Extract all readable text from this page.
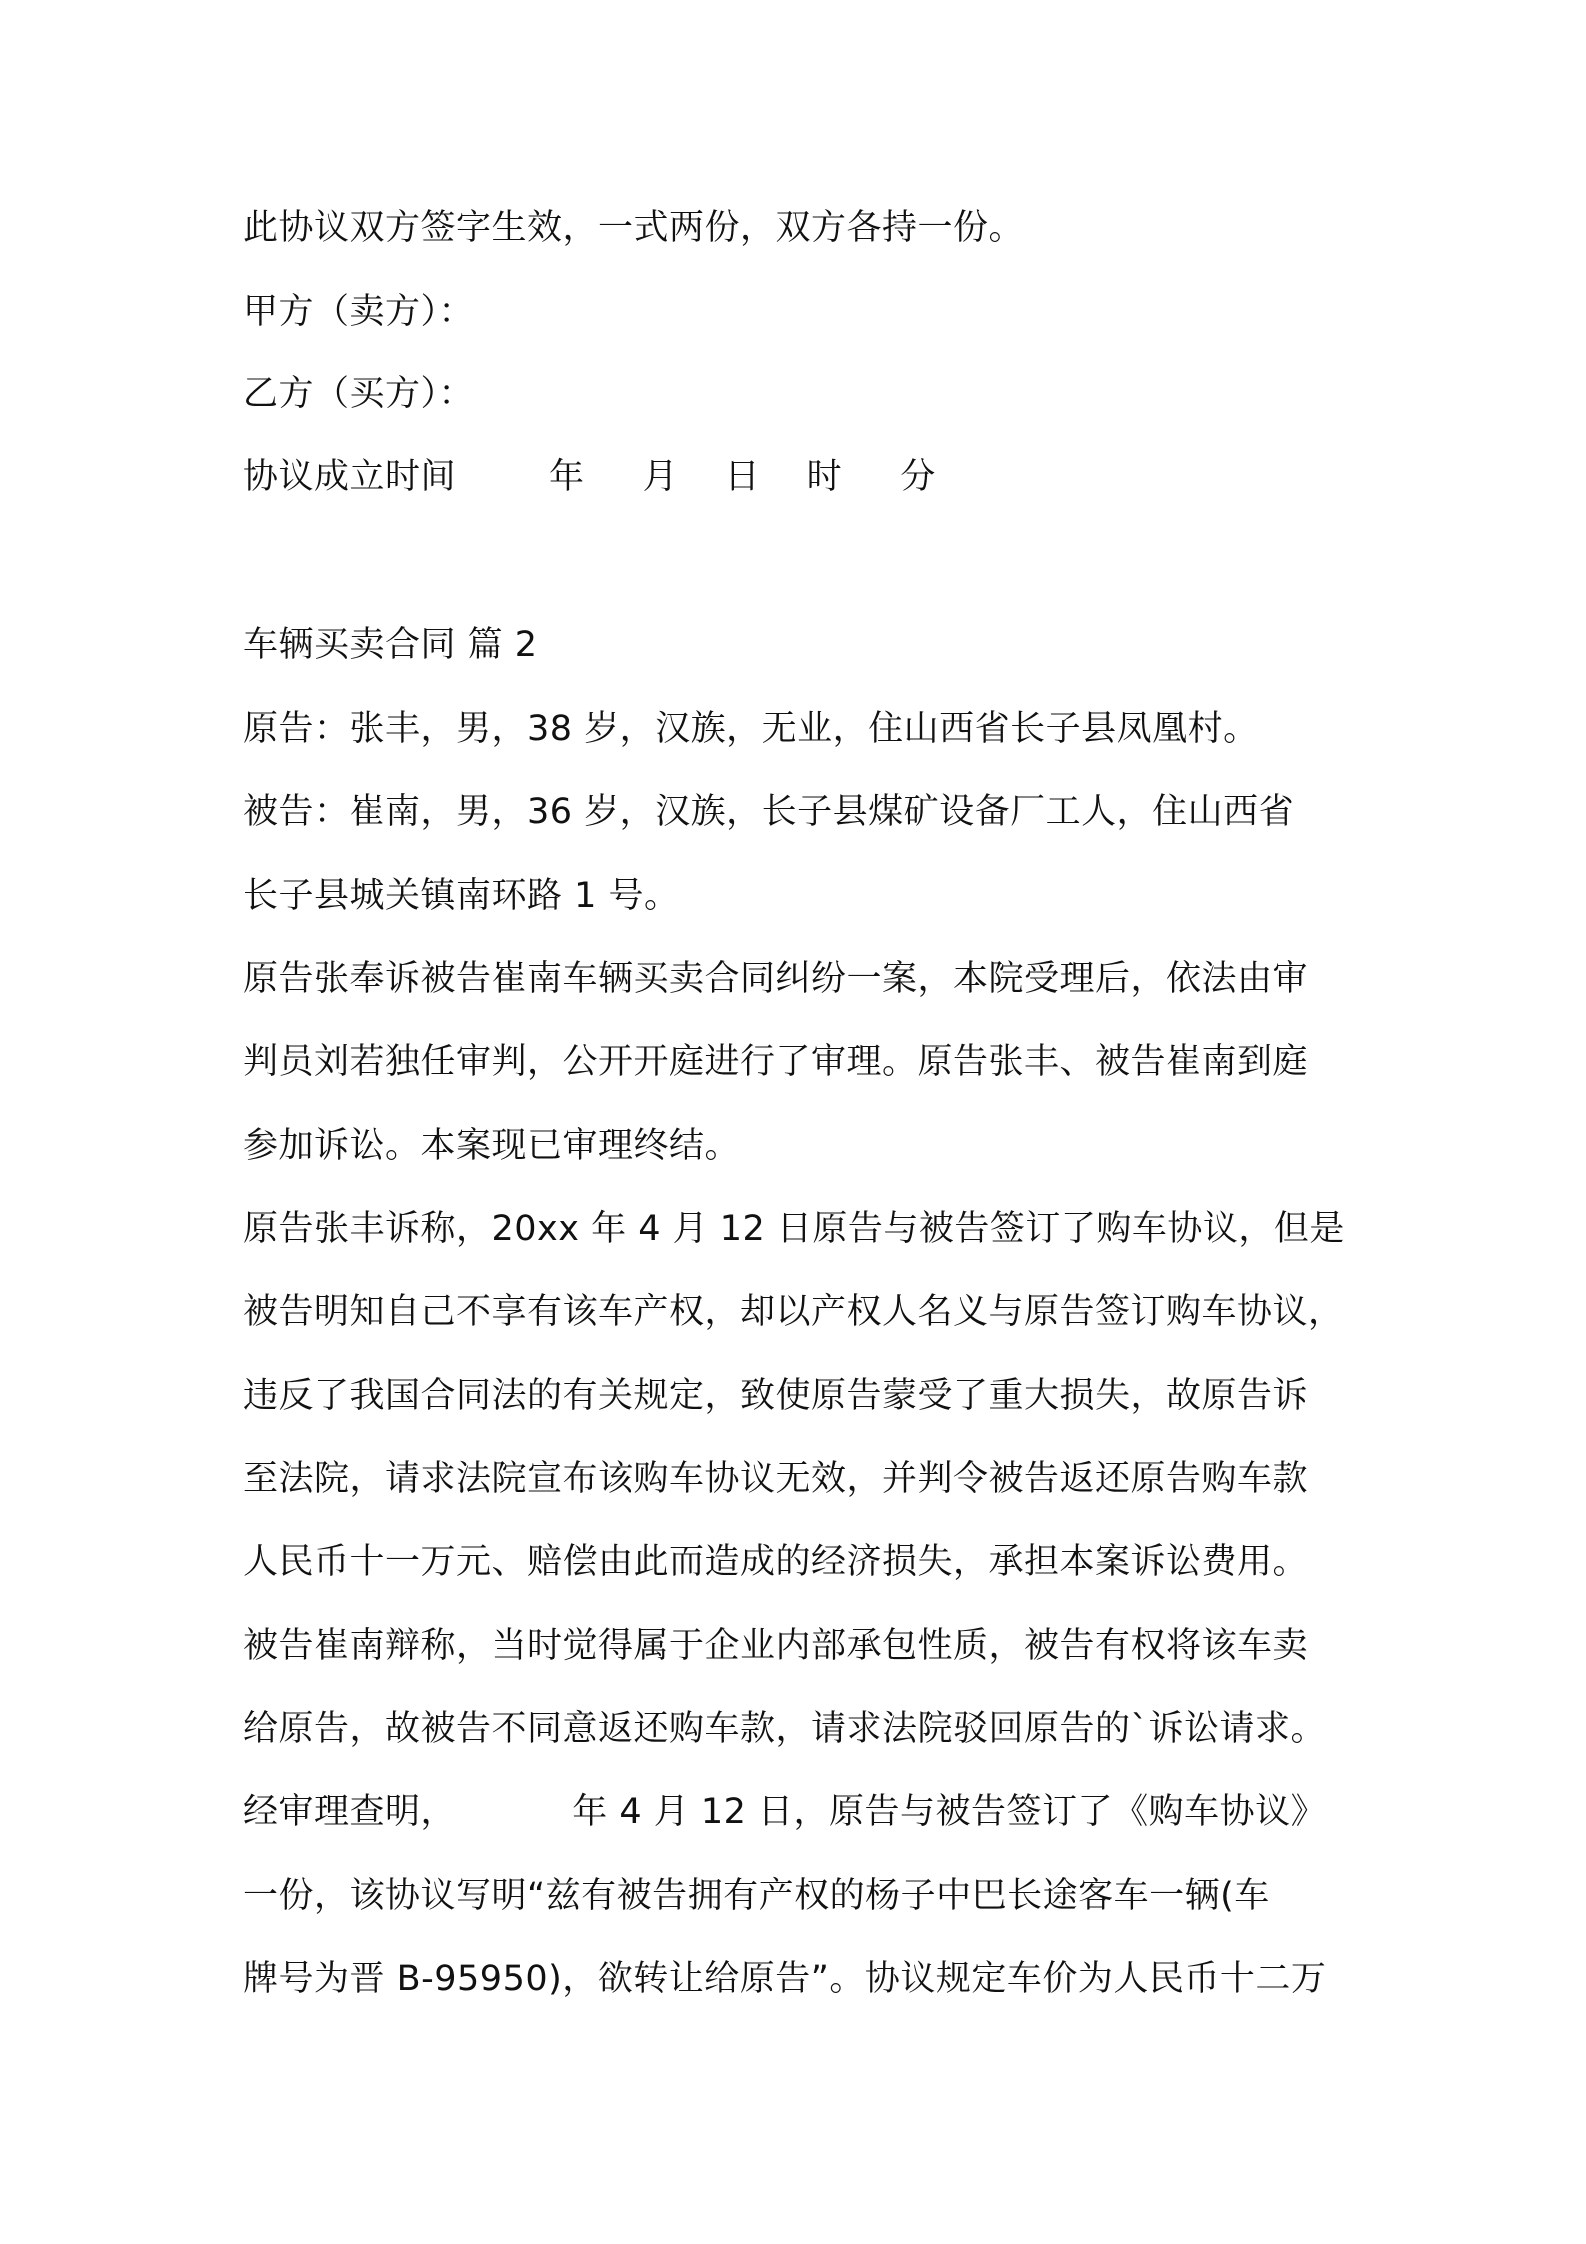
此协议双方签字生效，一式两份，双方各持一份。
甲方（卖方）：
乙方（买方）：
协议成立时间        年     月    日    时     分
车辆买卖合同 篇 2
原告：张丰，男，38 岁，汉族，无业，住山西省长子县凤凰村。
被告：崔南，男，36 岁，汉族，长子县煤矿设备厂工人，住山西省
长子县城关镇南环路 1 号。
原告张奉诉被告崔南车辆买卖合同纠纷一案，本院受理后，依法由审
判员刘若独任审判，公开开庭进行了审理。原告张丰、被告崔南到庭
参加诉讼。本案现已审理终结。
原告张丰诉称，20xx 年 4 月 12 日原告与被告签订了购车协议，但是
被告明知自己不享有该车产权，却以产权人名义与原告签订购车协议，
违反了我国合同法的有关规定，致使原告蒙受了重大损失，故原告诉
至法院，请求法院宣布该购车协议无效，并判令被告返还原告购车款
人民币十一万元、赔偿由此而造成的经济损失，承担本案诉讼费用。
被告崔南辩称，当时觉得属于企业内部承包性质，被告有权将该车卖
给原告，故被告不同意返还购车款，请求法院驳回原告的`诉讼请求。
经审理查明，          年 4 月 12 日，原告与被告签订了《购车协议》
一份，该协议写明“兹有被告拥有产权的杨子中巴长途客车一辆(车
牌号为晋 B-95950)，欲转让给原告”。协议规定车价为人民币十二万
